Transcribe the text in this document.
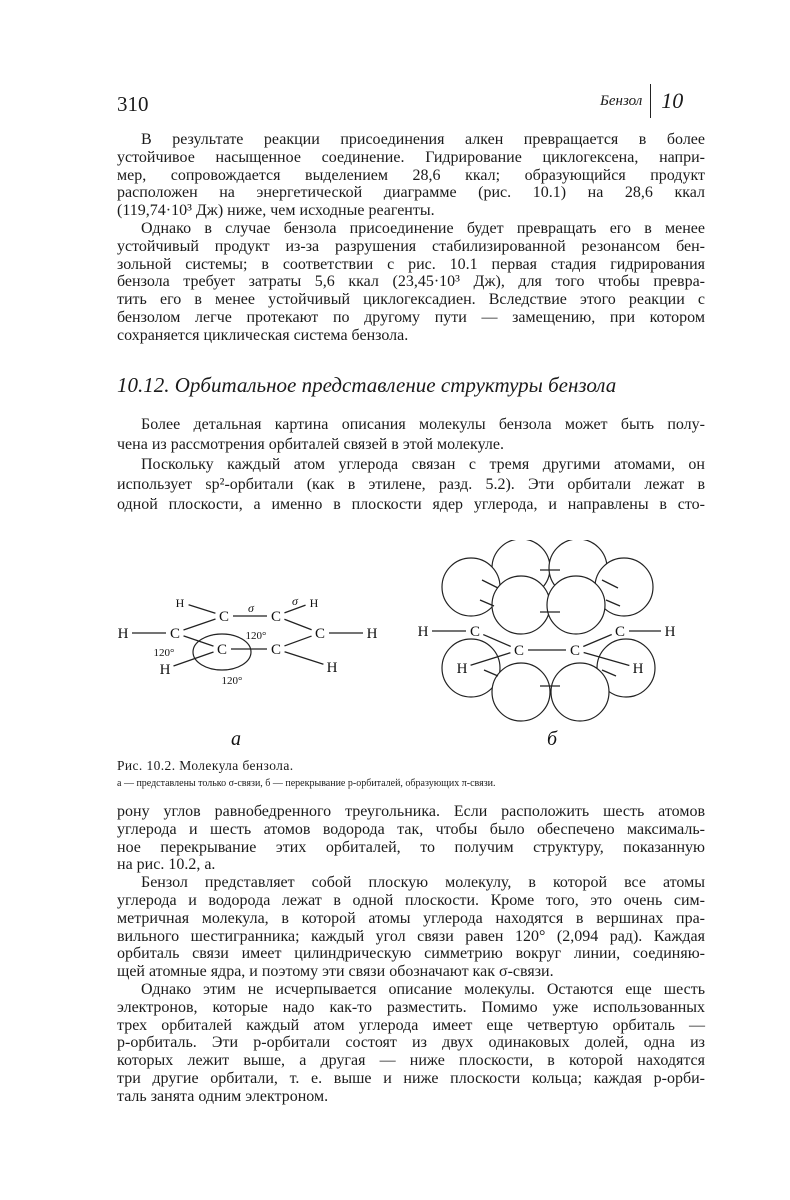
310	Бензол 10
В результате реакции присоединения алкен превращается в более
устойчивое насыщенное соединение. Гидрирование циклогексена, напри-
мер, сопровождается выделением 28,6 ккал; образующийся продукт
расположен на энергетической диаграмме (рис. 10.1) на 28,6 ккал
(119,74·10³ Дж) ниже, чем исходные реагенты.
Однако в случае бензола присоединение будет превращать его в менее
устойчивый продукт из-за разрушения стабилизированной резонансом бен-
зольной системы; в соответствии с рис. 10.1 первая стадия гидрирования
бензола требует затраты 5,6 ккал (23,45·10³ Дж), для того чтобы превра-
тить его в менее устойчивый циклогексадиен. Вследствие этого реакции с
бензолом легче протекают по другому пути — замещению, при котором
сохраняется циклическая система бензола.
10.12. Орбитальное представление структуры бензола
Более детальная картина описания молекулы бензола может быть полу-
чена из рассмотрения орбиталей связей в этой молекуле.
Поскольку каждый атом углерода связан с тремя другими атомами, он
использует sp²-орбитали (как в этилене, разд. 5.2). Эти орбитали лежат в
одной плоскости, а именно в плоскости ядер углерода, и направлены в сто-
H	C
C	C
C	H
C	C
H	H
H	H
σ	σ
120°
120°
120°
а
H	C	C	H
C	C
H	H
б
Рис. 10.2. Молекула бензола.
а — представлены только σ-связи, б — перекрывание p-орбиталей, образующих π-связи.
рону углов равнобедренного треугольника. Если расположить шесть атомов
углерода и шесть атомов водорода так, чтобы было обеспечено максималь-
ное перекрывание этих орбиталей, то получим структуру, показанную
на рис. 10.2, а.
Бензол представляет собой плоскую молекулу, в которой все атомы
углерода и водорода лежат в одной плоскости. Кроме того, это очень сим-
метричная молекула, в которой атомы углерода находятся в вершинах пра-
вильного шестигранника; каждый угол связи равен 120° (2,094 рад). Каждая
орбиталь связи имеет цилиндрическую симметрию вокруг линии, соединяю-
щей атомные ядра, и поэтому эти связи обозначают как σ-связи.
Однако этим не исчерпывается описание молекулы. Остаются еще шесть
электронов, которые надо как-то разместить. Помимо уже использованных
трех орбиталей каждый атом углерода имеет еще четвертую орбиталь —
p-орбиталь. Эти p-орбитали состоят из двух одинаковых долей, одна из
которых лежит выше, а другая — ниже плоскости, в которой находятся
три другие орбитали, т. е. выше и ниже плоскости кольца; каждая p-орби-
таль занята одним электроном.
